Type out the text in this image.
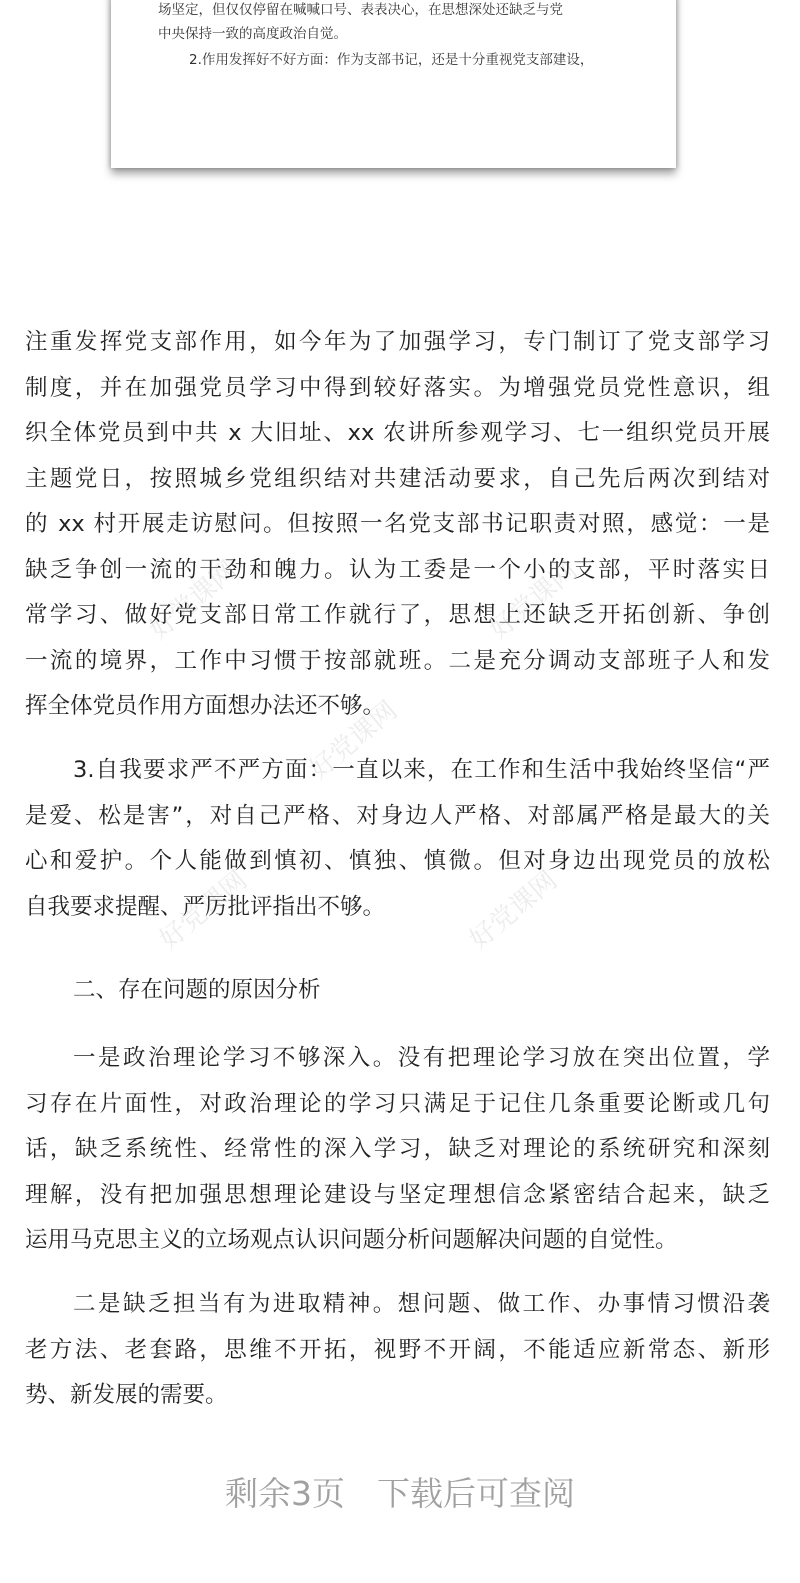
场坚定，但仅仅停留在喊喊口号、表表决心，在思想深处还缺乏与党
中央保持一致的高度政治自觉。
2.作用发挥好不好方面：作为支部书记，还是十分重视党支部建设，
好党课网	好党课网
好党课网
好党课网	好党课网
注重发挥党支部作用，如今年为了加强学习，专门制订了党支部学习
制度，并在加强党员学习中得到较好落实。为增强党员党性意识，组
织全体党员到中共 x 大旧址、xx 农讲所参观学习、七一组织党员开展
主题党日，按照城乡党组织结对共建活动要求，自己先后两次到结对
的 xx 村开展走访慰问。但按照一名党支部书记职责对照，感觉：一是
缺乏争创一流的干劲和魄力。认为工委是一个小的支部，平时落实日
常学习、做好党支部日常工作就行了，思想上还缺乏开拓创新、争创
一流的境界，工作中习惯于按部就班。二是充分调动支部班子人和发
挥全体党员作用方面想办法还不够。
3.自我要求严不严方面：一直以来，在工作和生活中我始终坚信“严
是爱、松是害”，对自己严格、对身边人严格、对部属严格是最大的关
心和爱护。个人能做到慎初、慎独、慎微。但对身边出现党员的放松
自我要求提醒、严厉批评指出不够。
二、存在问题的原因分析
一是政治理论学习不够深入。没有把理论学习放在突出位置，学
习存在片面性，对政治理论的学习只满足于记住几条重要论断或几句
话，缺乏系统性、经常性的深入学习，缺乏对理论的系统研究和深刻
理解，没有把加强思想理论建设与坚定理想信念紧密结合起来，缺乏
运用马克思主义的立场观点认识问题分析问题解决问题的自觉性。
二是缺乏担当有为进取精神。想问题、做工作、办事情习惯沿袭
老方法、老套路，思维不开拓，视野不开阔，不能适应新常态、新形
势、新发展的需要。
剩余3页 下载后可查阅
